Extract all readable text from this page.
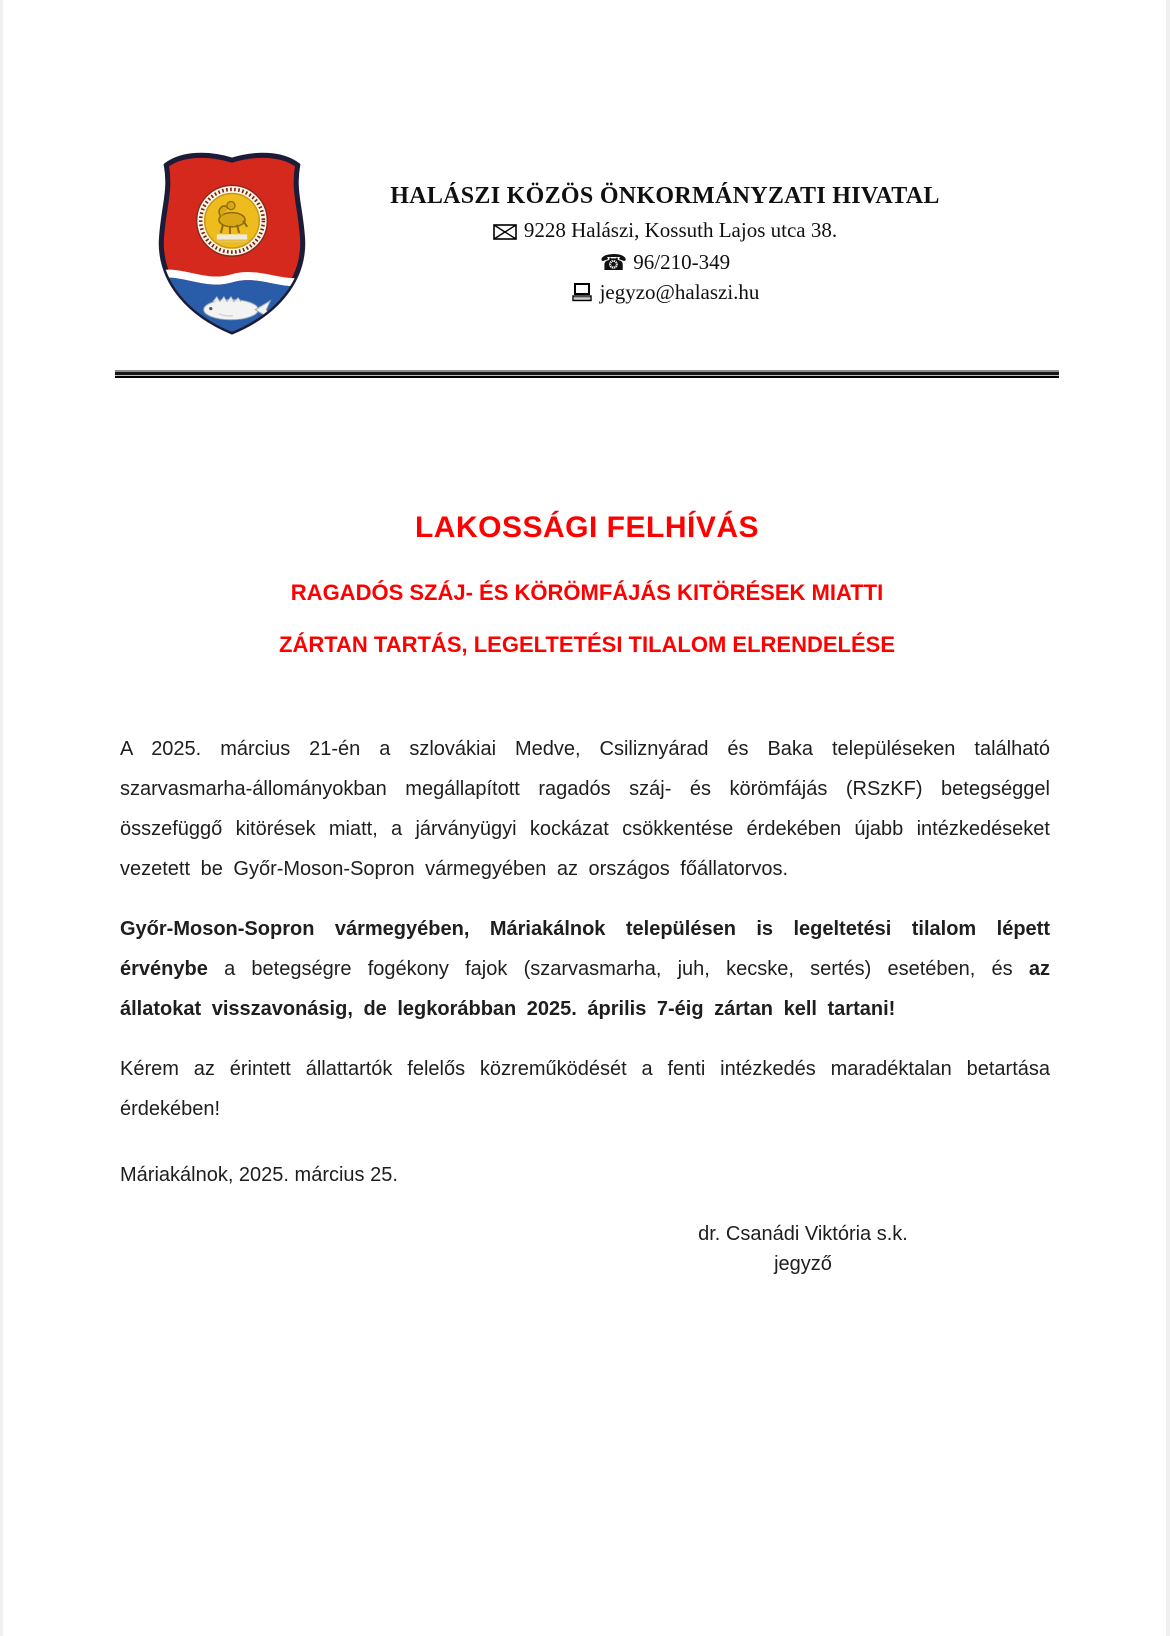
HALÁSZI KÖZÖS ÖNKORMÁNYZATI HIVATAL
9228 Halászi, Kossuth Lajos utca 38.
☎ 96/210-349
jegyzo@halaszi.hu
LAKOSSÁGI FELHÍVÁS
RAGADÓS SZÁJ- ÉS KÖRÖMFÁJÁS KITÖRÉSEK MIATTI
ZÁRTAN TARTÁS, LEGELTETÉSI TILALOM ELRENDELÉSE

A 2025. március 21-én a szlovákiai Medve, Csiliznyárad és Baka településeken található szarvasmarha-állományokban megállapított ragadós száj- és körömfájás (RSzKF) betegséggel összefüggő kitörések miatt, a járványügyi kockázat csökkentése érdekében újabb intézkedéseket vezetett be Győr-Moson-Sopron vármegyében az országos főállatorvos.

Győr-Moson-Sopron vármegyében, Máriakálnok településen is legeltetési tilalom lépett érvénybe a betegségre fogékony fajok (szarvasmarha, juh, kecske, sertés) esetében, és az állatokat visszavonásig, de legkorábban 2025. április 7-éig zártan kell tartani!

Kérem az érintett állattartók felelős közreműködését a fenti intézkedés maradéktalan betartása érdekében!

Máriakálnok, 2025. március 25.
dr. Csanádi Viktória s.k.
jegyző
